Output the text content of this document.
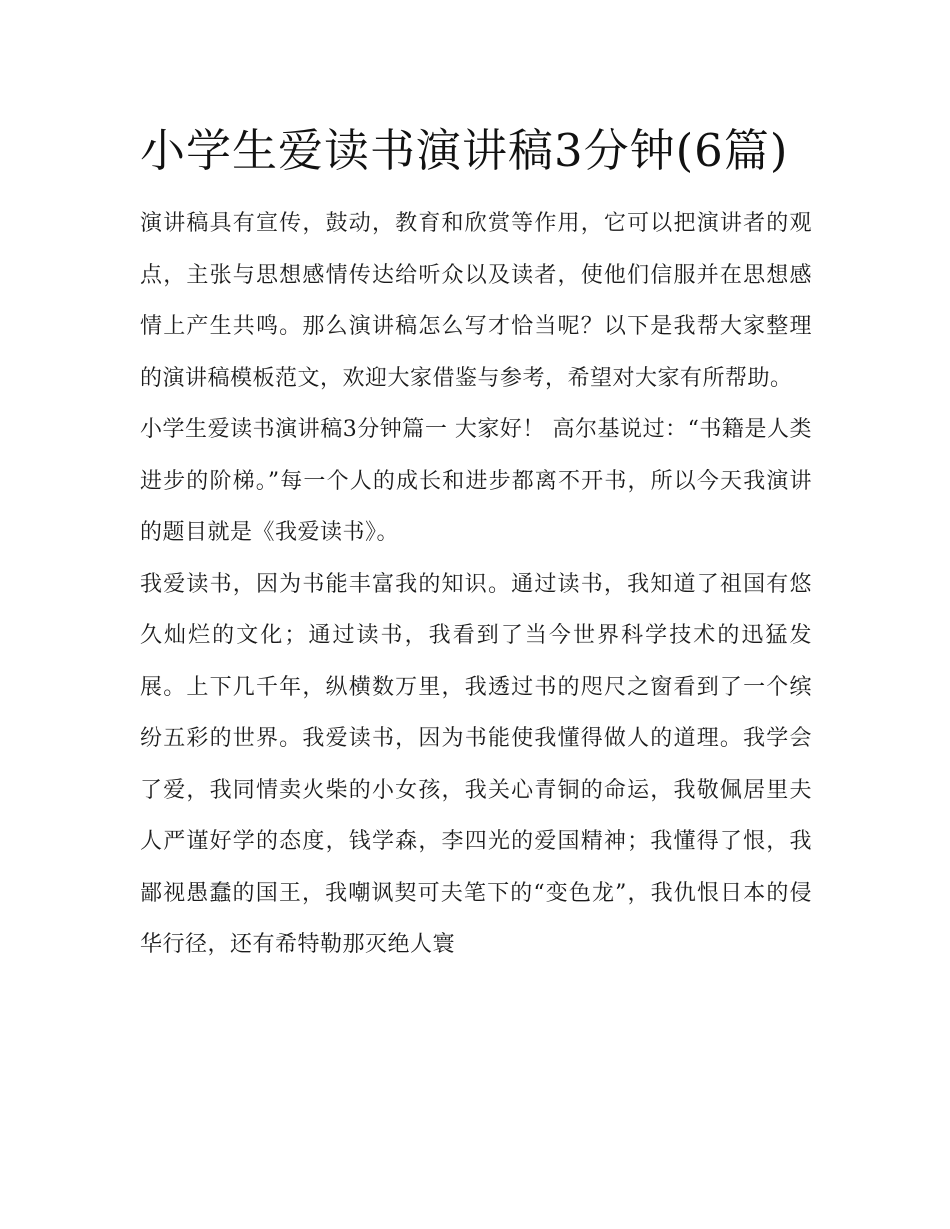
小学生爱读书演讲稿3分钟(6篇)

演讲稿具有宣传，鼓动，教育和欣赏等作用，它可以把演讲者的观点，主张与思想感情传达给听众以及读者，使他们信服并在思想感情上产生共鸣。那么演讲稿怎么写才恰当呢？以下是我帮大家整理的演讲稿模板范文，欢迎大家借鉴与参考，希望对大家有所帮助。

小学生爱读书演讲稿3分钟篇一 大家好！ 高尔基说过：“书籍是人类进步的阶梯。”每一个人的成长和进步都离不开书，所以今天我演讲的题目就是《我爱读书》。

我爱读书，因为书能丰富我的知识。通过读书，我知道了祖国有悠久灿烂的文化；通过读书，我看到了当今世界科学技术的迅猛发展。上下几千年，纵横数万里，我透过书的咫尺之窗看到了一个缤纷五彩的世界。我爱读书，因为书能使我懂得做人的道理。我学会了爱，我同情卖火柴的小女孩，我关心青铜的命运，我敬佩居里夫人严谨好学的态度，钱学森，李四光的爱国精神；我懂得了恨，我鄙视愚蠢的国王，我嘲讽契可夫笔下的“变色龙”，我仇恨日本的侵华行径，还有希特勒那灭绝人寰
